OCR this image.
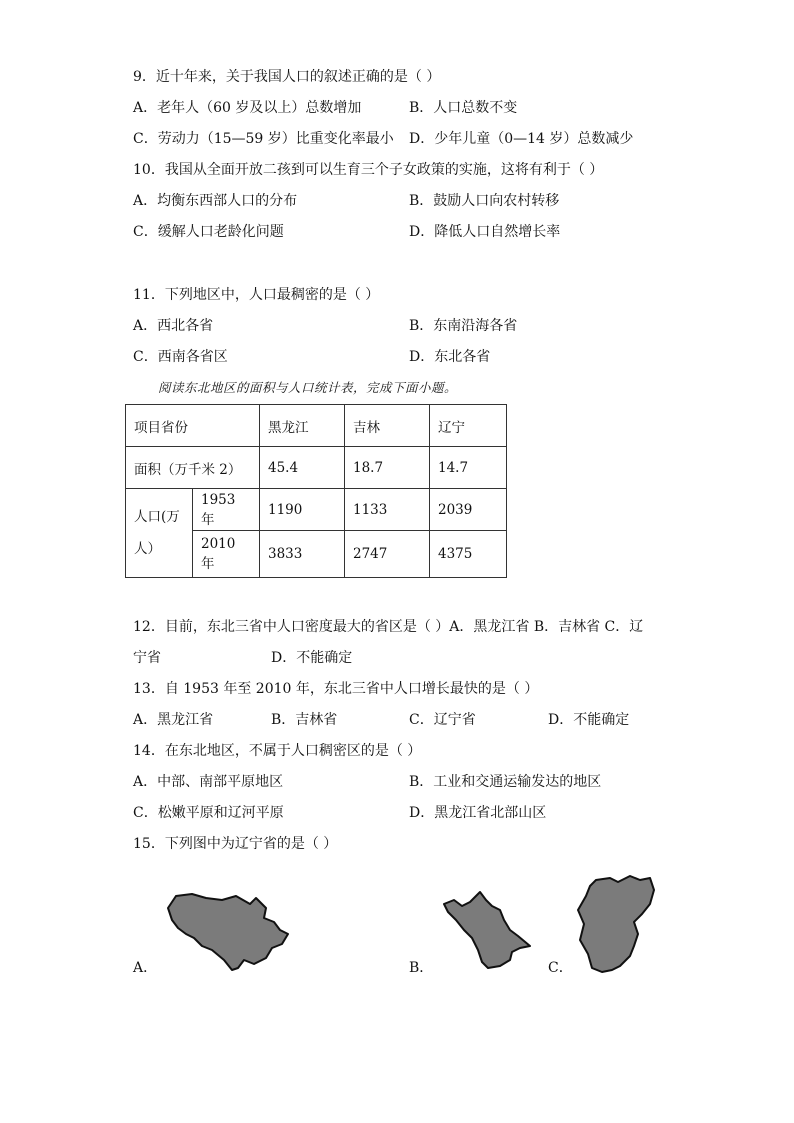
9．近十年来，关于我国人口的叙述正确的是（ ）
A．老年人（60 岁及以上）总数增加	B．人口总数不变
C．劳动力（15—59 岁）比重变化率最小 D．少年儿童（0—14 岁）总数减少
10．我国从全面开放二孩到可以生育三个子女政策的实施，这将有利于（ ）
A．均衡东西部人口的分布	B．鼓励人口向农村转移
C．缓解人口老龄化问题	D．降低人口自然增长率
11．下列地区中，人口最稠密的是（ ）
A．西北各省	B．东南沿海各省
C．西南各省区	D．东北各省
阅读东北地区的面积与人口统计表，完成下面小题。
项目省份		黑龙江	吉林	辽宁
面积（万千米 2）		45.4	18.7	14.7
人口(万
人）	1953 年	1190	1133	2039
	2010 年	3833	2747	4375
12．目前，东北三省中人口密度最大的省区是（ ）A．黑龙江省 B．吉林省 C．辽
宁省	D．不能确定
13．自 1953 年至 2010 年，东北三省中人口增长最快的是（ ）
A．黑龙江省	B．吉林省	C．辽宁省	D．不能确定
14．在东北地区，不属于人口稠密区的是（ ）
A．中部、南部平原地区	B．工业和交通运输发达的地区
C．松嫩平原和辽河平原	D．黑龙江省北部山区
15．下列图中为辽宁省的是（ ）
A．	B．	C．
